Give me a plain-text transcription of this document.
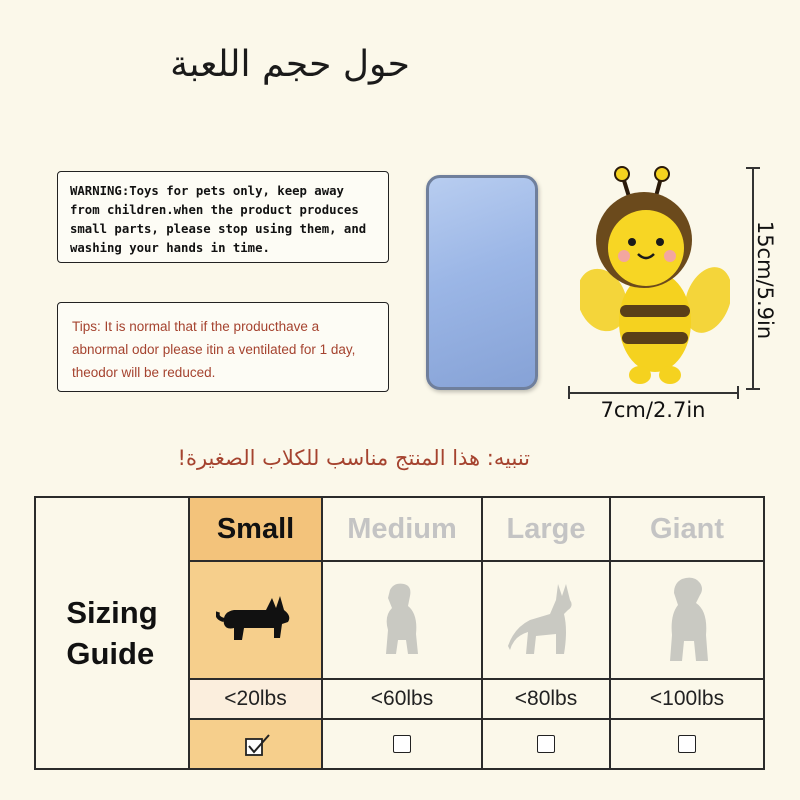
حول حجم اللعبة
WARNING:Toys for pets only, keep away from children.when the product produces small parts, please stop using them, and washing your hands in time.
Tips: It is normal that if the producthave a abnormal odor please itin a ventilated for 1 day, theodor will be reduced.
15cm/5.9in
7cm/2.7in
تنبيه: هذا المنتج مناسب للكلاب الصغيرة!
Sizing
Guide
Small
<20lbs
Medium
<60lbs
Large
<80lbs
Giant
<100lbs
